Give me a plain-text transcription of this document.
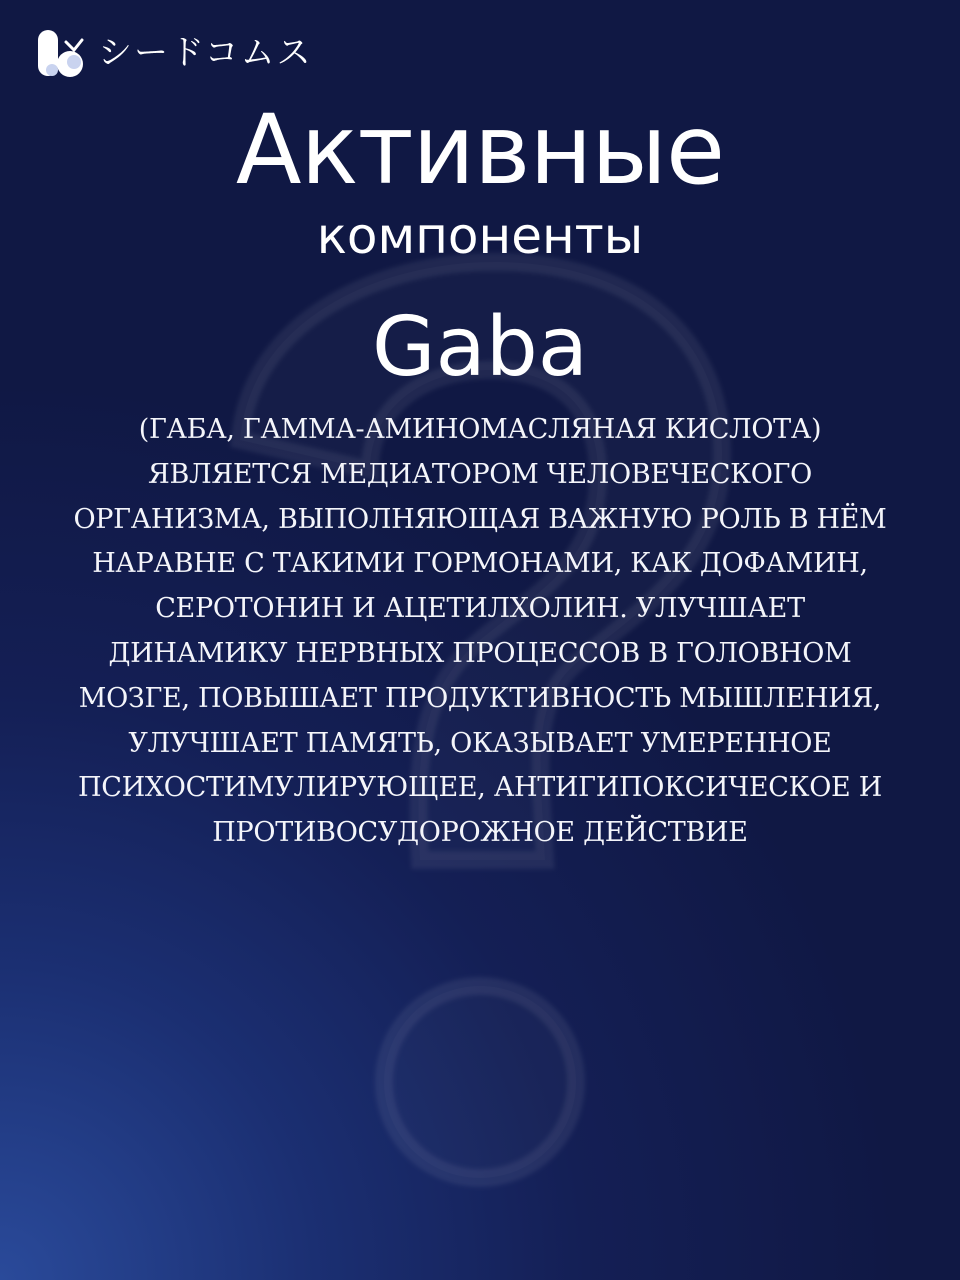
シードコムス
Активные
компоненты
Gaba
(ГАБА, ГАММА-АМИНОМАСЛЯНАЯ КИСЛОТА)
ЯВЛЯЕТСЯ МЕДИАТОРОМ ЧЕЛОВЕЧЕСКОГО
ОРГАНИЗМА, ВЫПОЛНЯЮЩАЯ ВАЖНУЮ РОЛЬ В НЁМ
НАРАВНЕ С ТАКИМИ ГОРМОНАМИ, КАК ДОФАМИН,
СЕРОТОНИН И АЦЕТИЛХОЛИН. УЛУЧШАЕТ
ДИНАМИКУ НЕРВНЫХ ПРОЦЕССОВ В ГОЛОВНОМ
МОЗГЕ, ПОВЫШАЕТ ПРОДУКТИВНОСТЬ МЫШЛЕНИЯ,
УЛУЧШАЕТ ПАМЯТЬ, ОКАЗЫВАЕТ УМЕРЕННОЕ
ПСИХОСТИМУЛИРУЮЩЕЕ, АНТИГИПОКСИЧЕСКОЕ И
ПРОТИВОСУДОРОЖНОЕ ДЕЙСТВИЕ
